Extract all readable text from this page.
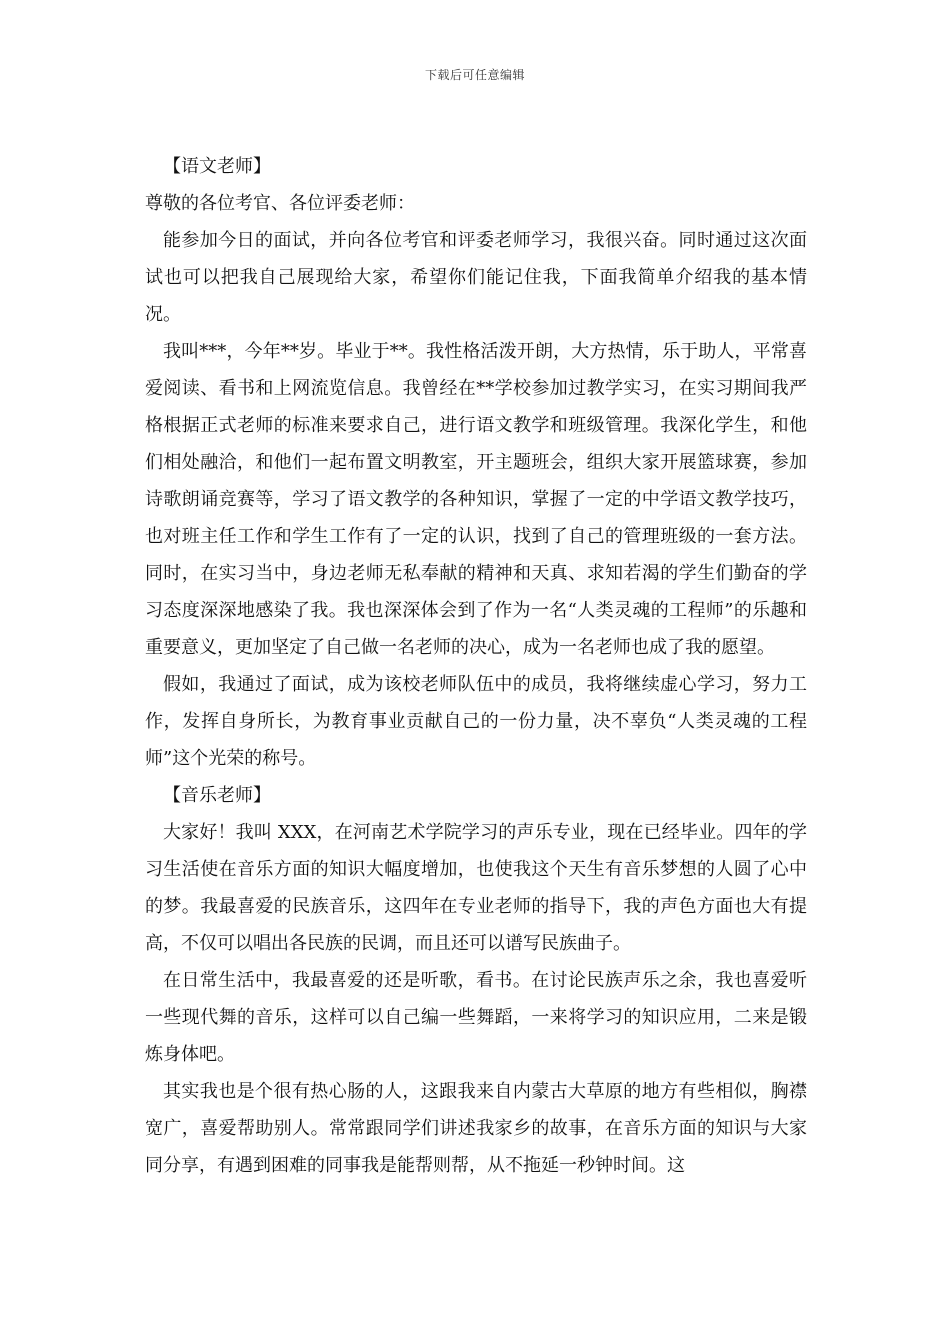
下载后可任意编辑

【语文老师】

尊敬的各位考官、各位评委老师：

能参加今日的面试，并向各位考官和评委老师学习，我很兴奋。同时通过这次面试也可以把我自己展现给大家，希望你们能记住我，下面我简单介绍我的基本情况。

我叫***，今年**岁。毕业于**。我性格活泼开朗，大方热情，乐于助人，平常喜爱阅读、看书和上网流览信息。我曾经在**学校参加过教学实习，在实习期间我严格根据正式老师的标准来要求自己，进行语文教学和班级管理。我深化学生，和他们相处融洽，和他们一起布置文明教室，开主题班会，组织大家开展篮球赛，参加诗歌朗诵竞赛等，学习了语文教学的各种知识，掌握了一定的中学语文教学技巧，也对班主任工作和学生工作有了一定的认识，找到了自己的管理班级的一套方法。同时，在实习当中，身边老师无私奉献的精神和天真、求知若渴的学生们勤奋的学习态度深深地感染了我。我也深深体会到了作为一名“人类灵魂的工程师”的乐趣和重要意义，更加坚定了自己做一名老师的决心，成为一名老师也成了我的愿望。

假如，我通过了面试，成为该校老师队伍中的成员，我将继续虚心学习，努力工作，发挥自身所长，为教育事业贡献自己的一份力量，决不辜负“人类灵魂的工程师”这个光荣的称号。

【音乐老师】

大家好！我叫 XXX，在河南艺术学院学习的声乐专业，现在已经毕业。四年的学习生活使在音乐方面的知识大幅度增加，也使我这个天生有音乐梦想的人圆了心中的梦。我最喜爱的民族音乐，这四年在专业老师的指导下，我的声色方面也大有提高，不仅可以唱出各民族的民调，而且还可以谱写民族曲子。

在日常生活中，我最喜爱的还是听歌，看书。在讨论民族声乐之余，我也喜爱听一些现代舞的音乐，这样可以自己编一些舞蹈，一来将学习的知识应用，二来是锻炼身体吧。

其实我也是个很有热心肠的人，这跟我来自内蒙古大草原的地方有些相似，胸襟宽广，喜爱帮助别人。常常跟同学们讲述我家乡的故事，在音乐方面的知识与大家同分享，有遇到困难的同事我是能帮则帮，从不拖延一秒钟时间。这
